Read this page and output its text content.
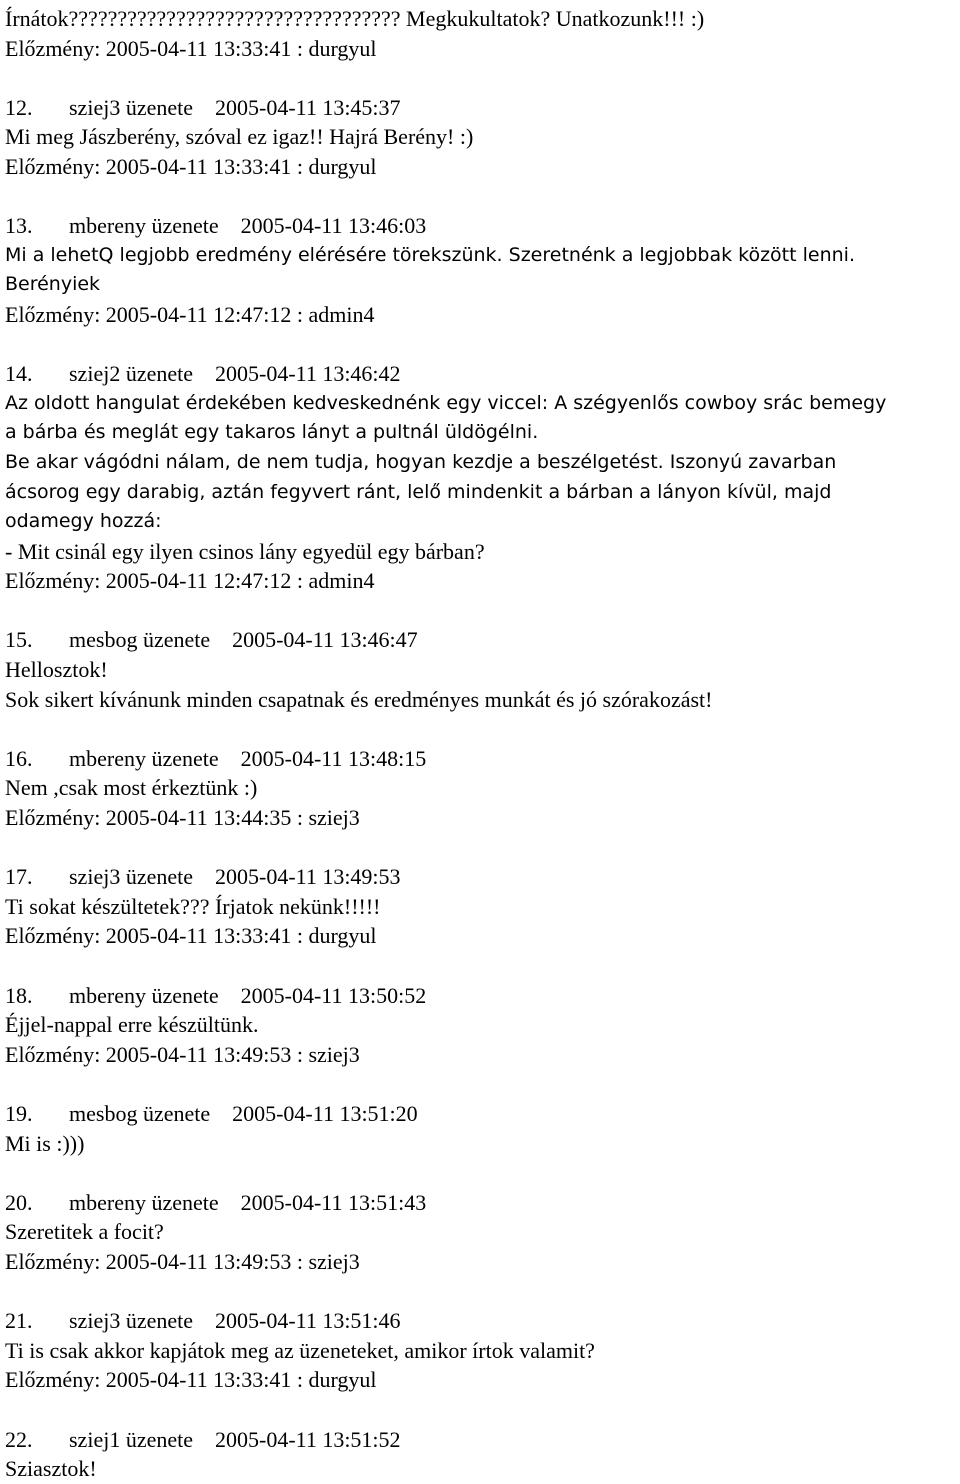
Írnátok?????????????????????????????????? Megkukultatok? Unatkozunk!!! :)
Előzmény: 2005-04-11 13:33:41 : durgyul
12. sziej3 üzenete    2005-04-11 13:45:37
Mi meg Jászberény, szóval ez igaz!! Hajrá Berény! :)
Előzmény: 2005-04-11 13:33:41 : durgyul
13. mbereny üzenete    2005-04-11 13:46:03
Mi a lehetQ legjobb eredmény elérésére törekszünk. Szeretnénk a legjobbak között lenni.
Berényiek
Előzmény: 2005-04-11 12:47:12 : admin4
14. sziej2 üzenete    2005-04-11 13:46:42
Az oldott hangulat érdekében kedveskednénk egy viccel: A szégyenlős cowboy srác bemegy
a bárba és meglát egy takaros lányt a pultnál üldögélni.
Be akar vágódni nálam, de nem tudja, hogyan kezdje a beszélgetést. Iszonyú zavarban
ácsorog egy darabig, aztán fegyvert ránt, lelő mindenkit a bárban a lányon kívül, majd
odamegy hozzá:
- Mit csinál egy ilyen csinos lány egyedül egy bárban?
Előzmény: 2005-04-11 12:47:12 : admin4
15. mesbog üzenete    2005-04-11 13:46:47
Hellosztok!
Sok sikert kívánunk minden csapatnak és eredményes munkát és jó szórakozást!
16. mbereny üzenete    2005-04-11 13:48:15
Nem ,csak most érkeztünk :)
Előzmény: 2005-04-11 13:44:35 : sziej3
17. sziej3 üzenete    2005-04-11 13:49:53
Ti sokat készültetek??? Írjatok nekünk!!!!!
Előzmény: 2005-04-11 13:33:41 : durgyul
18. mbereny üzenete    2005-04-11 13:50:52
Éjjel-nappal erre készültünk.
Előzmény: 2005-04-11 13:49:53 : sziej3
19. mesbog üzenete    2005-04-11 13:51:20
Mi is :)))
20. mbereny üzenete    2005-04-11 13:51:43
Szeretitek a focit?
Előzmény: 2005-04-11 13:49:53 : sziej3
21. sziej3 üzenete    2005-04-11 13:51:46
Ti is csak akkor kapjátok meg az üzeneteket, amikor írtok valamit?
Előzmény: 2005-04-11 13:33:41 : durgyul
22. sziej1 üzenete    2005-04-11 13:51:52
Sziasztok!
